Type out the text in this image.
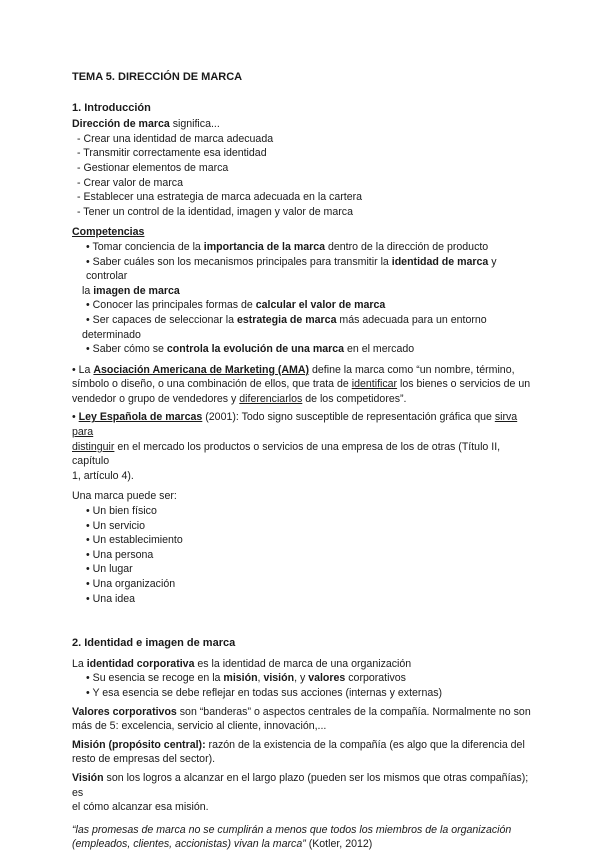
TEMA 5. DIRECCIÓN DE MARCA
1. Introducción
Dirección de marca significa...
- Crear una identidad de marca adecuada
- Transmitir correctamente esa identidad
- Gestionar elementos de marca
- Crear valor de marca
- Establecer una estrategia de marca adecuada en la cartera
- Tener un control de la identidad, imagen y valor de marca
Competencias
• Tomar conciencia de la importancia de la marca dentro de la dirección de producto
• Saber cuáles son los mecanismos principales para transmitir la identidad de marca y controlar
la imagen de marca
• Conocer las principales formas de calcular el valor de marca
• Ser capaces de seleccionar la estrategia de marca más adecuada para un entorno
determinado
• Saber cómo se controla la evolución de una marca en el mercado
• La Asociación Americana de Marketing (AMA) define la marca como “un nombre, término,
símbolo o diseño, o una combinación de ellos, que trata de identificar los bienes o servicios de un
vendedor o grupo de vendedores y diferenciarlos de los competidores”.
• Ley Española de marcas (2001): Todo signo susceptible de representación gráfica que sirva para
distinguir en el mercado los productos o servicios de una empresa de los de otras (Título II, capítulo
1, artículo 4).
Una marca puede ser:
• Un bien físico
• Un servicio
• Un establecimiento
• Una persona
• Un lugar
• Una organización
• Una idea
2. Identidad e imagen de marca
La identidad corporativa es la identidad de marca de una organización
• Su esencia se recoge en la misión, visión, y valores corporativos
• Y esa esencia se debe reflejar en todas sus acciones (internas y externas)
Valores corporativos son “banderas” o aspectos centrales de la compañía. Normalmente no son
más de 5: excelencia, servicio al cliente, innovación,...
Misión (propósito central): razón de la existencia de la compañía (es algo que la diferencia del
resto de empresas del sector).
Visión son los logros a alcanzar en el largo plazo (pueden ser los mismos que otras compañías); es
el cómo alcanzar esa misión.
“las promesas de marca no se cumplirán a menos que todos los miembros de la organización
(empleados, clientes, accionistas) vivan la marca” (Kotler, 2012)
